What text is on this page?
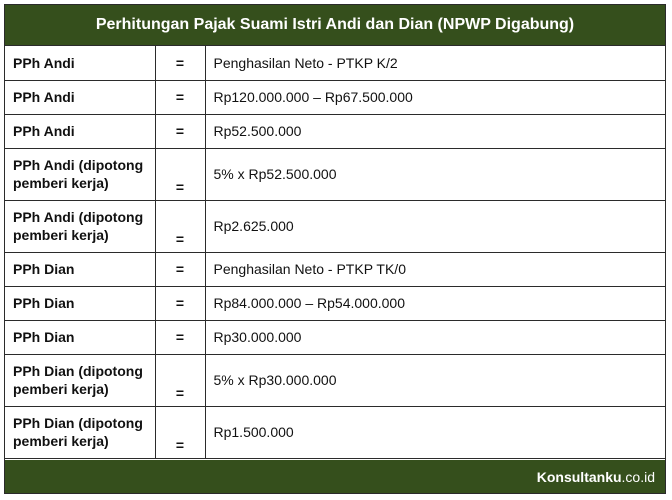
Perhitungan Pajak Suami Istri Andi dan Dian (NPWP Digabung)
PPh Andi	=	Penghasilan Neto - PTKP K/2
PPh Andi	=	Rp120.000.000 – Rp67.500.000
PPh Andi	=	Rp52.500.000
PPh Andi (dipotong pemberi kerja)	=	5% x Rp52.500.000
PPh Andi (dipotong pemberi kerja)	=	Rp2.625.000
PPh Dian	=	Penghasilan Neto - PTKP TK/0
PPh Dian	=	Rp84.000.000 – Rp54.000.000
PPh Dian	=	Rp30.000.000
PPh Dian (dipotong pemberi kerja)	=	5% x Rp30.000.000
PPh Dian (dipotong pemberi kerja)	=	Rp1.500.000
Konsultanku .co.id
